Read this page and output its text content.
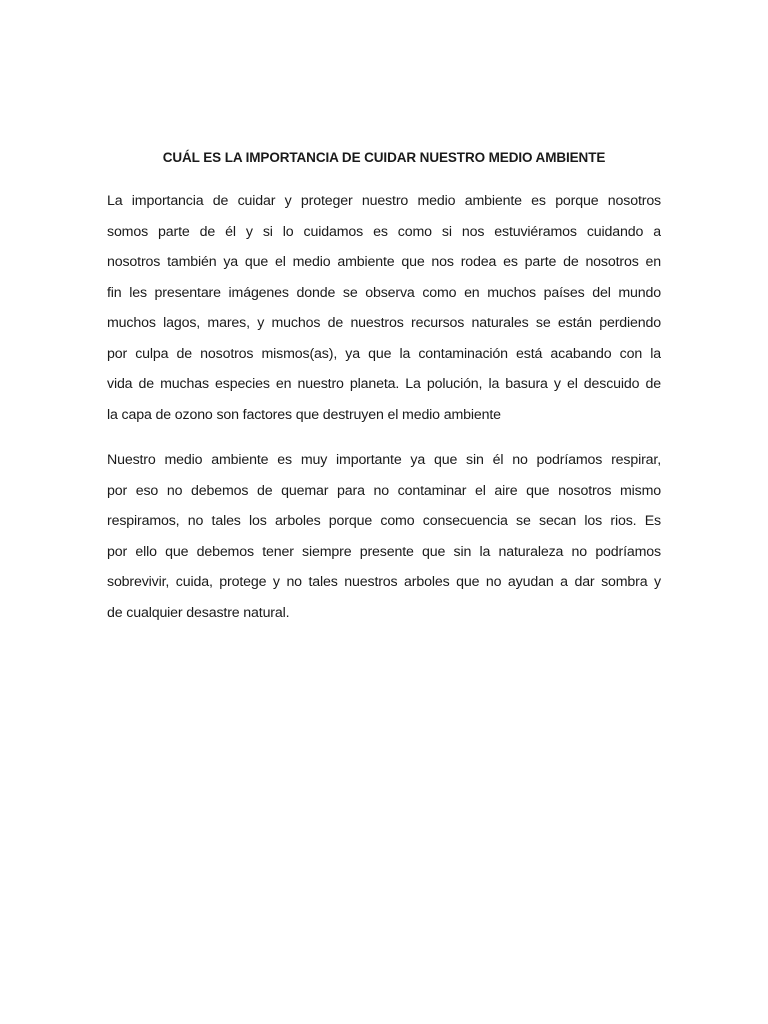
CUÁL ES LA IMPORTANCIA DE CUIDAR NUESTRO MEDIO AMBIENTE
La importancia de cuidar y proteger nuestro medio ambiente es porque nosotros
somos parte de él y si lo cuidamos es como si nos estuviéramos cuidando a
nosotros también ya que el medio ambiente que nos rodea es parte de nosotros en
fin les presentare imágenes donde se observa como en muchos países del mundo
muchos lagos, mares, y muchos de nuestros recursos naturales se están perdiendo
por culpa de nosotros mismos(as), ya que la contaminación está acabando con la
vida de muchas especies en nuestro planeta. La polución, la basura y el descuido de
la capa de ozono son factores que destruyen el medio ambiente
Nuestro medio ambiente es muy importante ya que sin él no podríamos respirar,
por eso no debemos de quemar para no contaminar el aire que nosotros mismo
respiramos, no tales los arboles porque como consecuencia se secan los rios. Es
por ello que debemos tener siempre presente que sin la naturaleza no podríamos
sobrevivir, cuida, protege y no tales nuestros arboles que no ayudan a dar sombra y
de cualquier desastre natural.
